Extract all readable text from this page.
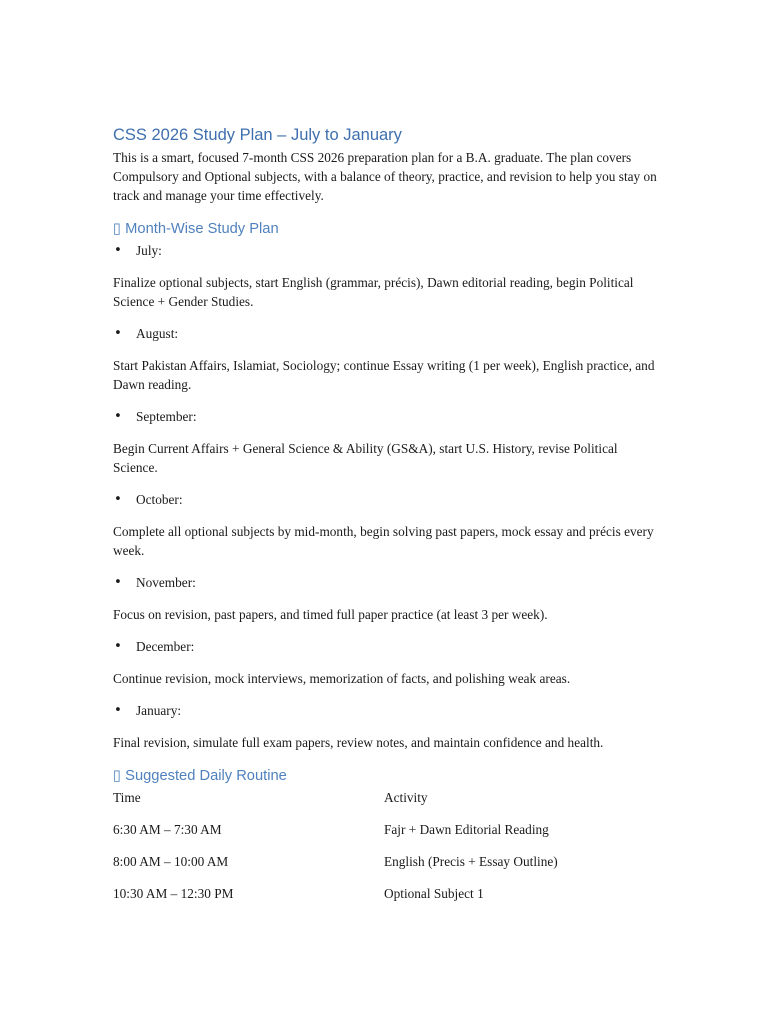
CSS 2026 Study Plan – July to January

This is a smart, focused 7-month CSS 2026 preparation plan for a B.A. graduate. The plan covers Compulsory and Optional subjects, with a balance of theory, practice, and revision to help you stay on track and manage your time effectively.

▯ Month-Wise Study Plan
• July:

Finalize optional subjects, start English (grammar, précis), Dawn editorial reading, begin Political Science + Gender Studies.

• August:

Start Pakistan Affairs, Islamiat, Sociology; continue Essay writing (1 per week), English practice, and Dawn reading.

• September:

Begin Current Affairs + General Science & Ability (GS&A), start U.S. History, revise Political Science.

• October:

Complete all optional subjects by mid-month, begin solving past papers, mock essay and précis every week.

• November:

Focus on revision, past papers, and timed full paper practice (at least 3 per week).

• December:

Continue revision, mock interviews, memorization of facts, and polishing weak areas.

• January:

Final revision, simulate full exam papers, review notes, and maintain confidence and health.

▯ Suggested Daily Routine
Time	Activity
6:30 AM – 7:30 AM	Fajr + Dawn Editorial Reading
8:00 AM – 10:00 AM	English (Precis + Essay Outline)
10:30 AM – 12:30 PM	Optional Subject 1
